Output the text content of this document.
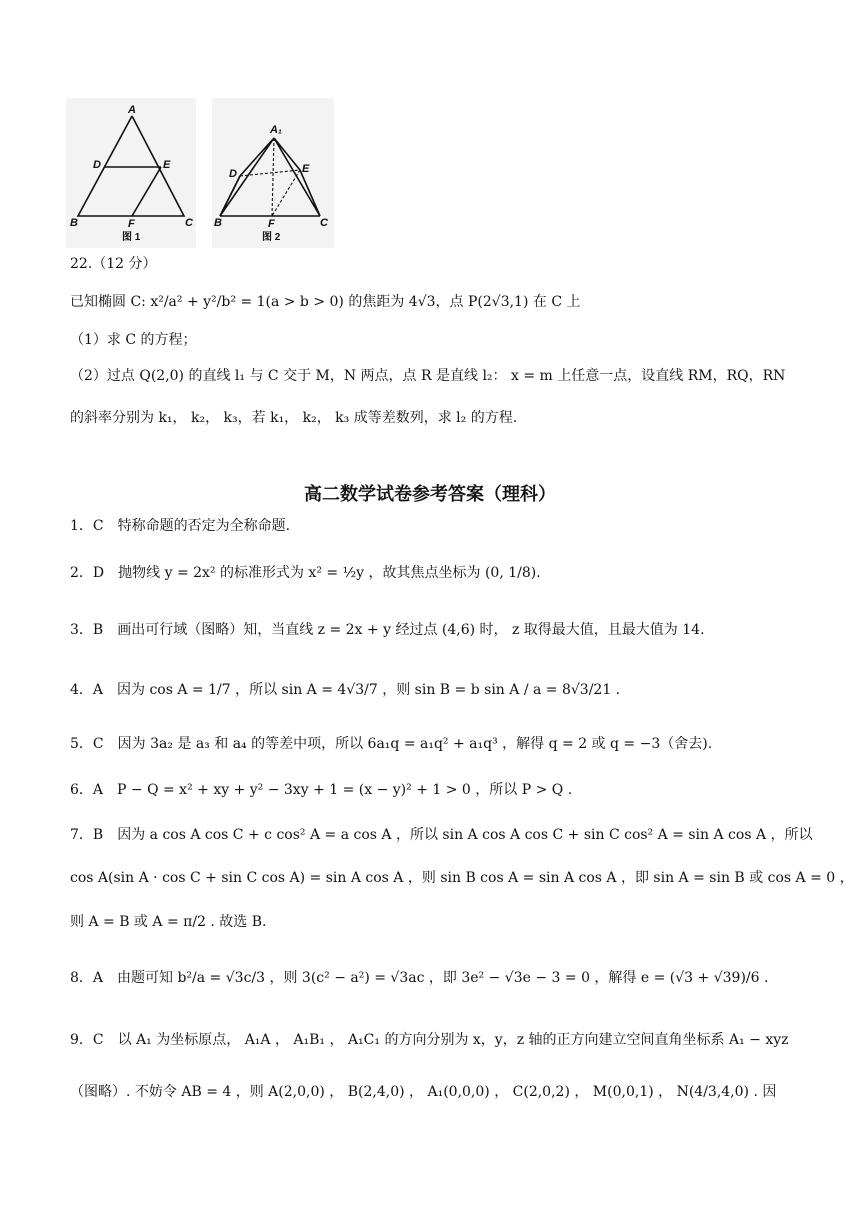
A
D	E
B	F	C
图 1
A₁
D	E
B	F	C
图 2
22.（12 分）
已知椭圆 C: x²/a² + y²/b² = 1(a > b > 0) 的焦距为 4√3，点 P(2√3,1) 在 C 上
（1）求 C 的方程；
（2）过点 Q(2,0) 的直线 l₁ 与 C 交于 M，N 两点，点 R 是直线 l₂： x = m 上任意一点，设直线 RM，RQ，RN
的斜率分别为 k₁， k₂， k₃，若 k₁， k₂， k₃ 成等差数列，求 l₂ 的方程.
高二数学试卷参考答案（理科）
1．C　特称命题的否定为全称命题.
2．D　抛物线 y = 2x² 的标准形式为 x² = ½y ，故其焦点坐标为 (0, 1/8).
3．B　画出可行域（图略）知，当直线 z = 2x + y 经过点 (4,6) 时， z 取得最大值，且最大值为 14.
4．A　因为 cos A = 1/7 ，所以 sin A = 4√3/7 ，则 sin B = b sin A / a = 8√3/21 .
5．C　因为 3a₂ 是 a₃ 和 a₄ 的等差中项，所以 6a₁q = a₁q² + a₁q³ ，解得 q = 2 或 q = −3（舍去).
6．A　P − Q = x² + xy + y² − 3xy + 1 = (x − y)² + 1 > 0 ，所以 P > Q .
7．B　因为 a cos A cos C + c cos² A = a cos A ，所以 sin A cos A cos C + sin C cos² A = sin A cos A ，所以
cos A(sin A · cos C + sin C cos A) = sin A cos A ，则 sin B cos A = sin A cos A ，即 sin A = sin B 或 cos A = 0 ，
则 A = B 或 A = π/2 . 故选 B.
8．A　由题可知 b²/a = √3c/3 ，则 3(c² − a²) = √3ac ，即 3e² − √3e − 3 = 0 ，解得 e = (√3 + √39)/6 .
9．C　以 A₁ 为坐标原点， A₁A ， A₁B₁ ， A₁C₁ 的方向分别为 x，y，z 轴的正方向建立空间直角坐标系 A₁ − xyz
（图略）. 不妨令 AB = 4 ，则 A(2,0,0) ， B(2,4,0) ， A₁(0,0,0) ， C(2,0,2) ， M(0,0,1) ， N(4/3,4,0) . 因
